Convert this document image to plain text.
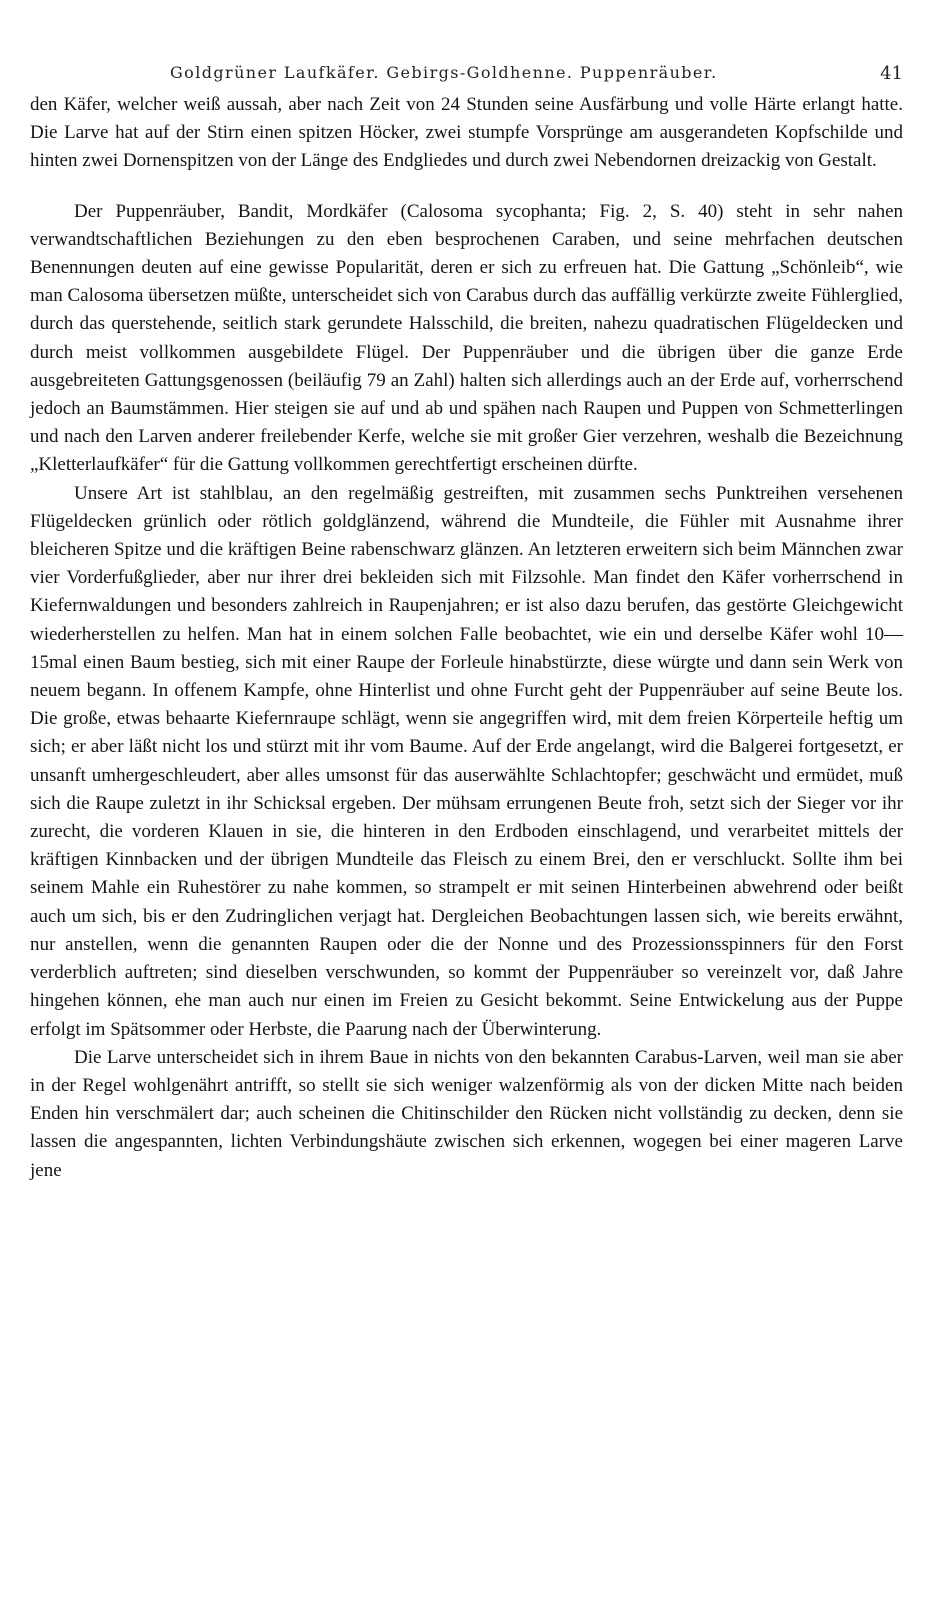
Goldgrüner Laufkäfer. Gebirgs-Goldhenne. Puppenräuber.	41

den Käfer, welcher weiß aussah, aber nach Zeit von 24 Stunden seine Ausfärbung und volle Härte erlangt hatte. Die Larve hat auf der Stirn einen spitzen Höcker, zwei stumpfe Vorsprünge am ausgerandeten Kopfschilde und hinten zwei Dornenspitzen von der Länge des Endgliedes und durch zwei Nebendornen dreizackig von Gestalt.

Der Puppenräuber, Bandit, Mordkäfer (Calosoma sycophanta; Fig. 2, S. 40) steht in sehr nahen verwandtschaftlichen Beziehungen zu den eben besprochenen Caraben, und seine mehrfachen deutschen Benennungen deuten auf eine gewisse Popularität, deren er sich zu erfreuen hat. Die Gattung „Schönleib“, wie man Calosoma übersetzen müßte, unterscheidet sich von Carabus durch das auffällig verkürzte zweite Fühlerglied, durch das querstehende, seitlich stark gerundete Halsschild, die breiten, nahezu quadratischen Flügeldecken und durch meist vollkommen ausgebildete Flügel. Der Puppenräuber und die übrigen über die ganze Erde ausgebreiteten Gattungsgenossen (beiläufig 79 an Zahl) halten sich allerdings auch an der Erde auf, vorherrschend jedoch an Baumstämmen. Hier steigen sie auf und ab und spähen nach Raupen und Puppen von Schmetterlingen und nach den Larven anderer freilebender Kerfe, welche sie mit großer Gier verzehren, weshalb die Bezeichnung „Kletterlaufkäfer“ für die Gattung vollkommen gerechtfertigt erscheinen dürfte.

Unsere Art ist stahlblau, an den regelmäßig gestreiften, mit zusammen sechs Punktreihen versehenen Flügeldecken grünlich oder rötlich goldglänzend, während die Mundteile, die Fühler mit Ausnahme ihrer bleicheren Spitze und die kräftigen Beine rabenschwarz glänzen. An letzteren erweitern sich beim Männchen zwar vier Vorderfußglieder, aber nur ihrer drei bekleiden sich mit Filzsohle. Man findet den Käfer vorherrschend in Kiefernwaldungen und besonders zahlreich in Raupenjahren; er ist also dazu berufen, das gestörte Gleichgewicht wiederherstellen zu helfen. Man hat in einem solchen Falle beobachtet, wie ein und derselbe Käfer wohl 10—15mal einen Baum bestieg, sich mit einer Raupe der Forleule hinabstürzte, diese würgte und dann sein Werk von neuem begann. In offenem Kampfe, ohne Hinterlist und ohne Furcht geht der Puppenräuber auf seine Beute los. Die große, etwas behaarte Kiefernraupe schlägt, wenn sie angegriffen wird, mit dem freien Körperteile heftig um sich; er aber läßt nicht los und stürzt mit ihr vom Baume. Auf der Erde angelangt, wird die Balgerei fortgesetzt, er unsanft umhergeschleudert, aber alles umsonst für das auserwählte Schlachtopfer; geschwächt und ermüdet, muß sich die Raupe zuletzt in ihr Schicksal ergeben. Der mühsam errungenen Beute froh, setzt sich der Sieger vor ihr zurecht, die vorderen Klauen in sie, die hinteren in den Erdboden einschlagend, und verarbeitet mittels der kräftigen Kinnbacken und der übrigen Mundteile das Fleisch zu einem Brei, den er verschluckt. Sollte ihm bei seinem Mahle ein Ruhestörer zu nahe kommen, so strampelt er mit seinen Hinterbeinen abwehrend oder beißt auch um sich, bis er den Zudringlichen verjagt hat. Dergleichen Beobachtungen lassen sich, wie bereits erwähnt, nur anstellen, wenn die genannten Raupen oder die der Nonne und des Prozessionsspinners für den Forst verderblich auftreten; sind dieselben verschwunden, so kommt der Puppenräuber so vereinzelt vor, daß Jahre hingehen können, ehe man auch nur einen im Freien zu Gesicht bekommt. Seine Entwickelung aus der Puppe erfolgt im Spätsommer oder Herbste, die Paarung nach der Überwinterung.

Die Larve unterscheidet sich in ihrem Baue in nichts von den bekannten Carabus-Larven, weil man sie aber in der Regel wohlgenährt antrifft, so stellt sie sich weniger walzenförmig als von der dicken Mitte nach beiden Enden hin verschmälert dar; auch scheinen die Chitinschilder den Rücken nicht vollständig zu decken, denn sie lassen die angespannten, lichten Verbindungshäute zwischen sich erkennen, wogegen bei einer mageren Larve jene
